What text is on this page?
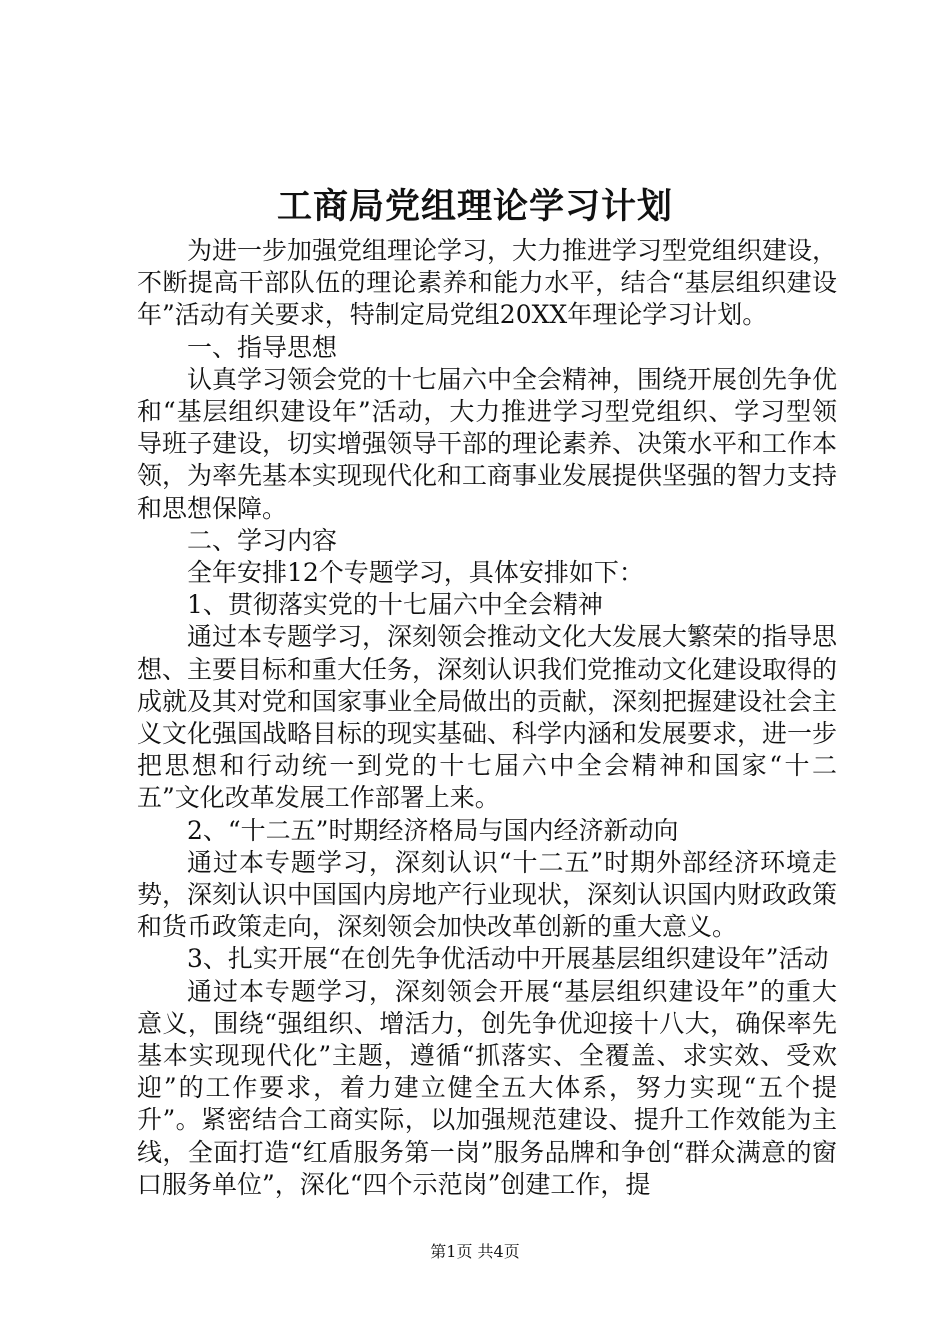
工商局党组理论学习计划

为进一步加强党组理论学习，大力推进学习型党组织建设，不断提高干部队伍的理论素养和能力水平，结合“基层组织建设年”活动有关要求，特制定局党组20XX年理论学习计划。

一、指导思想

认真学习领会党的十七届六中全会精神，围绕开展创先争优和“基层组织建设年”活动，大力推进学习型党组织、学习型领导班子建设，切实增强领导干部的理论素养、决策水平和工作本领，为率先基本实现现代化和工商事业发展提供坚强的智力支持和思想保障。

二、学习内容

全年安排12个专题学习，具体安排如下：

1、贯彻落实党的十七届六中全会精神

通过本专题学习，深刻领会推动文化大发展大繁荣的指导思想、主要目标和重大任务，深刻认识我们党推动文化建设取得的成就及其对党和国家事业全局做出的贡献，深刻把握建设社会主义文化强国战略目标的现实基础、科学内涵和发展要求，进一步把思想和行动统一到党的十七届六中全会精神和国家“十二五”文化改革发展工作部署上来。

2、“十二五”时期经济格局与国内经济新动向

通过本专题学习，深刻认识“十二五”时期外部经济环境走势，深刻认识中国国内房地产行业现状，深刻认识国内财政政策和货币政策走向，深刻领会加快改革创新的重大意义。

3、扎实开展“在创先争优活动中开展基层组织建设年”活动

通过本专题学习，深刻领会开展“基层组织建设年”的重大意义，围绕“强组织、增活力，创先争优迎接十八大，确保率先基本实现现代化”主题，遵循“抓落实、全覆盖、求实效、受欢迎”的工作要求，着力建立健全五大体系，努力实现“五个提升”。紧密结合工商实际，以加强规范建设、提升工作效能为主线，全面打造“红盾服务第一岗”服务品牌和争创“群众满意的窗口服务单位”，深化“四个示范岗”创建工作，提

第1页 共4页
